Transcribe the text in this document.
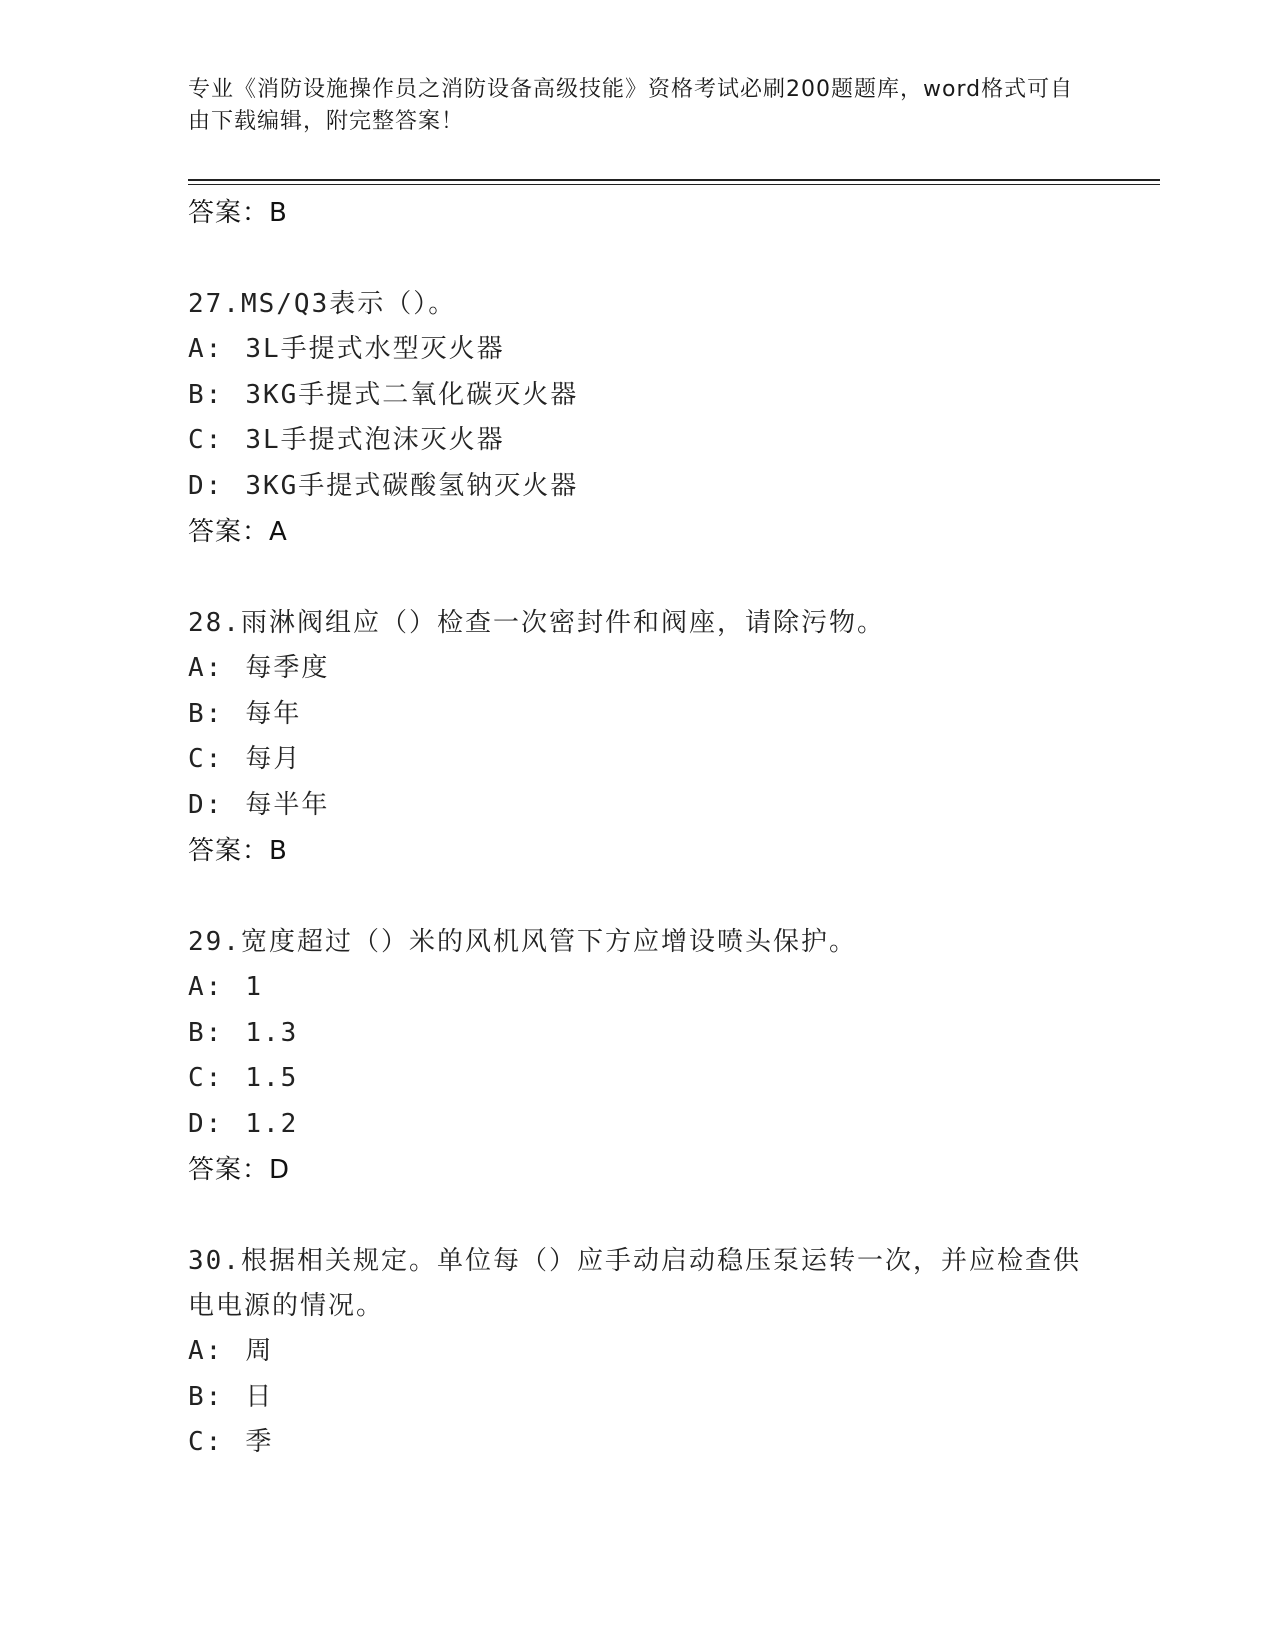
专业《消防设施操作员之消防设备高级技能》资格考试必刷200题题库，word格式可自由下载编辑，附完整答案！
答案：B
27.MS/Q3表示（）。
A: 3L手提式水型灭火器
B: 3KG手提式二氧化碳灭火器
C: 3L手提式泡沫灭火器
D: 3KG手提式碳酸氢钠灭火器
答案：A
28.雨淋阀组应（）检查一次密封件和阀座，请除污物。
A: 每季度
B: 每年
C: 每月
D: 每半年
答案：B
29.宽度超过（）米的风机风管下方应增设喷头保护。
A: 1
B: 1.3
C: 1.5
D: 1.2
答案：D
30.根据相关规定。单位每（）应手动启动稳压泵运转一次，并应检查供电电源的情况。
A: 周
B: 日
C: 季
